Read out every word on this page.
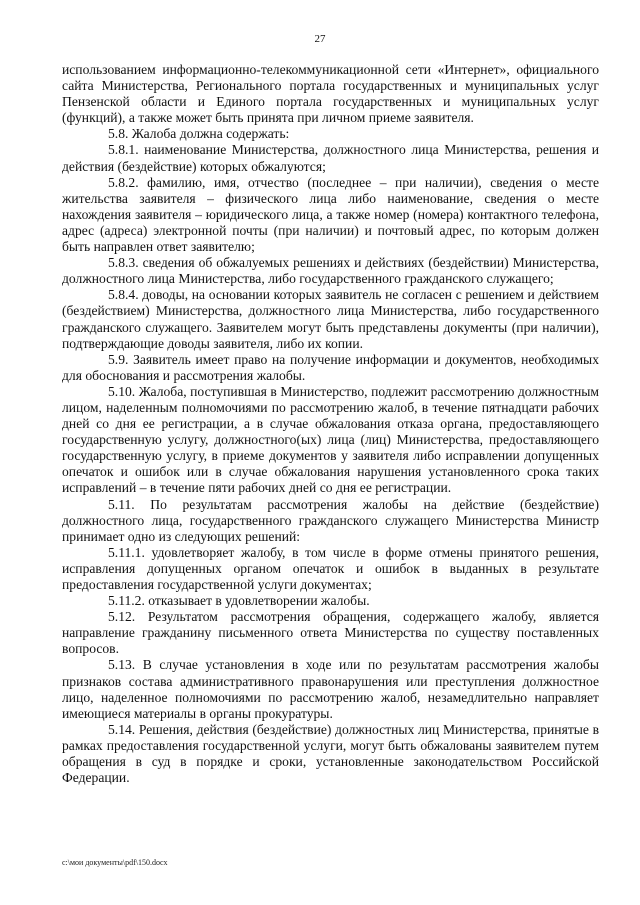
27

использованием информационно-телекоммуникационной сети «Интернет», официального сайта Министерства, Регионального портала государственных и муниципальных услуг Пензенской области и Единого портала государственных и муниципальных услуг (функций), а также может быть принята при личном приеме заявителя.

5.8. Жалоба должна содержать:

5.8.1. наименование Министерства, должностного лица Министерства, решения и действия (бездействие) которых обжалуются;

5.8.2. фамилию, имя, отчество (последнее – при наличии), сведения о месте жительства заявителя – физического лица либо наименование, сведения о месте нахождения заявителя – юридического лица, а также номер (номера) контактного телефона, адрес (адреса) электронной почты (при наличии) и почтовый адрес, по которым должен быть направлен ответ заявителю;

5.8.3. сведения об обжалуемых решениях и действиях (бездействии) Министерства, должностного лица Министерства, либо государственного гражданского служащего;

5.8.4. доводы, на основании которых заявитель не согласен с решением и действием (бездействием) Министерства, должностного лица Министерства, либо государственного гражданского служащего. Заявителем могут быть представлены документы (при наличии), подтверждающие доводы заявителя, либо их копии.

5.9. Заявитель имеет право на получение информации и документов, необходимых для обоснования и рассмотрения жалобы.

5.10. Жалоба, поступившая в Министерство, подлежит рассмотрению должностным лицом, наделенным полномочиями по рассмотрению жалоб, в течение пятнадцати рабочих дней со дня ее регистрации, а в случае обжалования отказа органа, предоставляющего государственную услугу, должностного(ых) лица (лиц) Министерства, предоставляющего государственную услугу, в приеме документов у заявителя либо исправлении допущенных опечаток и ошибок или в случае обжалования нарушения установленного срока таких исправлений – в течение пяти рабочих дней со дня ее регистрации.

5.11. По результатам рассмотрения жалобы на действие (бездействие) должностного лица, государственного гражданского служащего Министерства Министр принимает одно из следующих решений:

5.11.1. удовлетворяет жалобу, в том числе в форме отмены принятого решения, исправления допущенных органом опечаток и ошибок в выданных в результате предоставления государственной услуги документах;

5.11.2. отказывает в удовлетворении жалобы.

5.12. Результатом рассмотрения обращения, содержащего жалобу, является направление гражданину письменного ответа Министерства по существу поставленных вопросов.

5.13. В случае установления в ходе или по результатам рассмотрения жалобы признаков состава административного правонарушения или преступления должностное лицо, наделенное полномочиями по рассмотрению жалоб, незамедлительно направляет имеющиеся материалы в органы прокуратуры.

5.14. Решения, действия (бездействие) должностных лиц Министерства, принятые в рамках предоставления государственной услуги, могут быть обжалованы заявителем путем обращения в суд в порядке и сроки, установленные законодательством Российской Федерации.

c:\мои документы\pdf\150.docx
